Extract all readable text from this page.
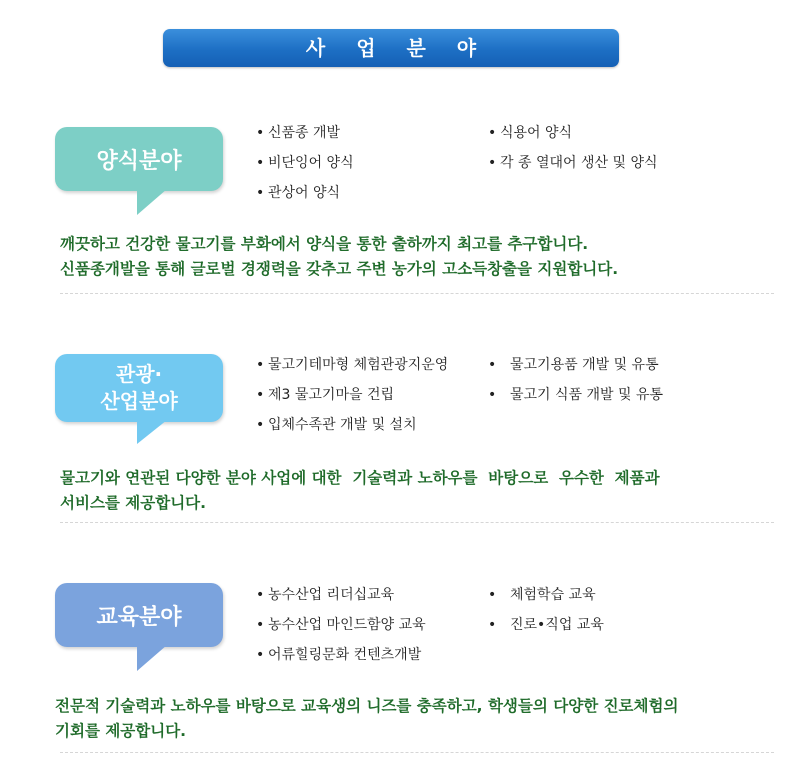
사 업 분 야
양식분야
• 신품종 개발
• 비단잉어 양식
• 관상어 양식
• 식용어 양식
• 각 종 열대어 생산 및 양식
깨끗하고 건강한 물고기를 부화에서 양식을 통한 출하까지 최고를 추구합니다.
신품종개발을 통해 글로벌 경쟁력을 갖추고 주변 농가의 고소득창출을 지원합니다.
관광·
산업분야
• 물고기테마형 체험관광지운영
• 제3 물고기마을 건립
• 입체수족관 개발 및 설치
• 물고기용품 개발 및 유통
• 물고기 식품 개발 및 유통
물고기와 연관된 다양한 분야 사업에 대한  기술력과 노하우를  바탕으로  우수한  제품과
서비스를 제공합니다.
교육분야
• 농수산업 리더십교육
• 농수산업 마인드함양 교육
• 어류힐링문화 컨텐츠개발
• 체험학습 교육
• 진로•직업 교육
전문적 기술력과 노하우를 바탕으로 교육생의 니즈를 충족하고, 학생들의 다양한 진로체험의
기회를 제공합니다.
